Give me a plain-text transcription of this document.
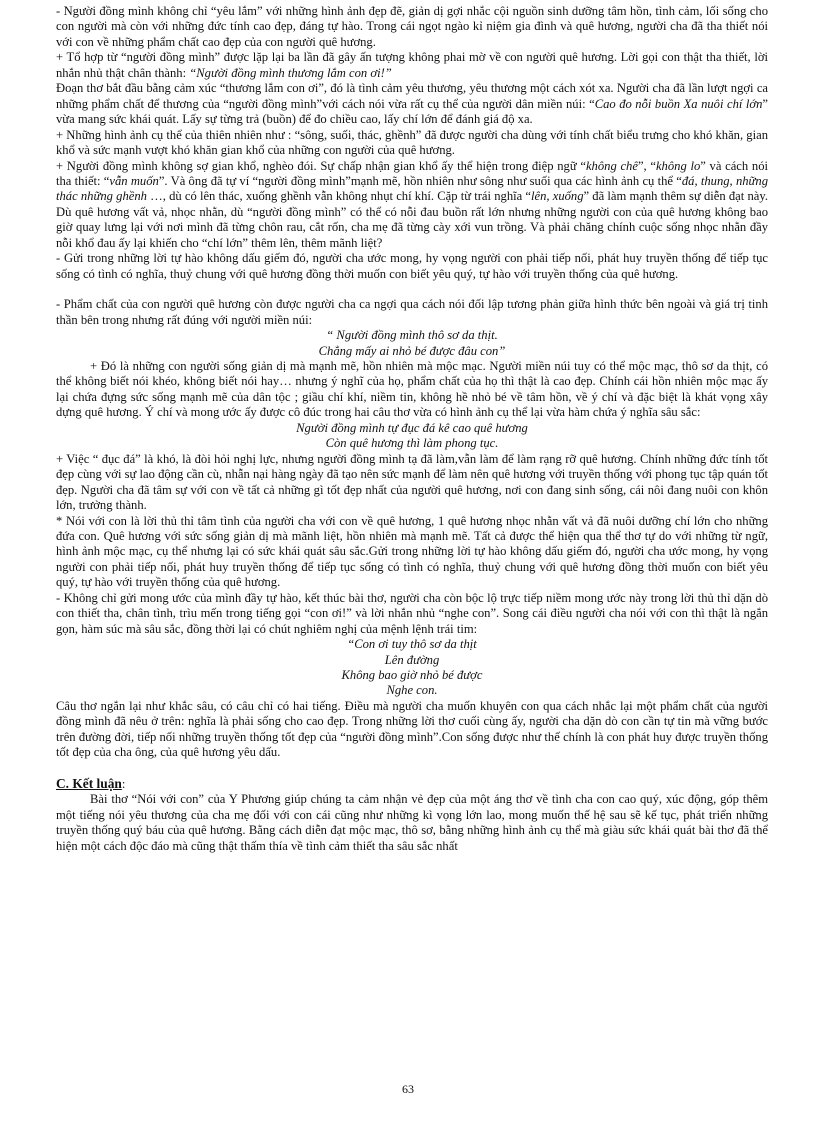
- Người đồng mình không chỉ “yêu lắm” với những hình ảnh đẹp đẽ, giản dị gợi nhắc cội nguồn sinh dưỡng tâm hồn, tình cảm, lối sống cho con người mà còn với những đức tính cao đẹp, đáng tự hào. Trong cái ngọt ngào kỉ niệm gia đình và quê hương, người cha đã tha thiết nói với con về những phẩm chất cao đẹp của con người quê hương.

+ Tổ hợp từ “người đồng mình” được lặp lại ba lần đã gây ấn tượng không phai mờ về con người quê hương. Lời gọi con thật tha thiết, lời nhắn nhủ thật chân thành: “Người đồng mình thương lắm con ơi!”

Đoạn thơ bắt đầu bằng cảm xúc “thương lắm con ơi”, đó là tình cảm yêu thương, yêu thương một cách xót xa. Người cha đã lần lượt ngợi ca những phẩm chất để thương của “người đồng mình”với cách nói vừa rất cụ thể của người dân miền núi: “Cao đo nỗi buồn Xa nuôi chí lớn” vừa mang sức khái quát. Lấy sự từng trả (buồn) để đo chiều cao, lấy chí lớn để đánh giá độ xa.

+ Những hình ảnh cụ thể của thiên nhiên như : “sông, suối, thác, ghềnh” đã được người cha dùng với tính chất biểu trưng cho khó khăn, gian khổ và sức mạnh vượt khó khăn gian khổ của những con người của quê hương.

+ Người đồng mình không sợ gian khổ, nghèo đói. Sự chấp nhận gian khổ ấy thể hiện trong điệp ngữ “không chê”, “không lo” và cách nói tha thiết: “vẫn muốn”. Và ông đã tự ví “người đồng mình”mạnh mẽ, hồn nhiên như sông như suối qua các hình ảnh cụ thể “đá, thung, những thác những ghềnh …, dù có lên thác, xuống ghềnh vẫn không nhụt chí khí. Cặp từ trái nghĩa “lên, xuống” đã làm mạnh thêm sự diễn đạt này. Dù quê hương vất vả, nhọc nhằn, dù “người đồng mình” có thể có nỗi đau buồn rất lớn nhưng những người con của quê hương không bao giờ quay lưng lại với nơi mình đã từng chôn rau, cắt rốn, cha mẹ đã từng cày xới vun trồng. Và phải chăng chính cuộc sống nhọc nhằn đầy nỗi khổ đau ấy lại khiến cho “chí lớn” thêm lên, thêm mãnh liệt?

- Gửi trong những lời tự hào không dấu giếm đó, người cha ước mong, hy vọng người con phải tiếp nối, phát huy truyền thống để tiếp tục sống có tình có nghĩa, thuỷ chung với quê hương đồng thời muốn con biết yêu quý, tự hào với truyền thống của quê hương.

- Phẩm chất của con người quê hương còn được người cha ca ngợi qua cách nói đối lập tương phản giữa hình thức bên ngoài và giá trị tinh thần bên trong nhưng rất đúng với người miền núi:

“ Người đồng mình thô sơ da thịt.

Chẳng mấy ai nhỏ bé được đâu con”

+ Đó là những con người sống giản dị mà mạnh mẽ, hồn nhiên mà mộc mạc. Người miền núi tuy có thể mộc mạc, thô sơ da thịt, có thể không biết nói khéo, không biết nói hay… nhưng ý nghĩ của họ, phẩm chất của họ thì thật là cao đẹp. Chính cái hồn nhiên mộc mạc ấy lại chứa đựng sức sống mạnh mẽ của dân tộc ; giầu chí khí, niềm tin, không hề nhỏ bé về tâm hồn, về ý chí và đặc biệt là khát vọng xây dựng quê hương. Ý chí và mong ước ấy được cô đúc trong hai câu thơ vừa có hình ảnh cụ thể lại vừa hàm chứa ý nghĩa sâu sắc:

Người đồng mình tự đục đá kê cao quê hương

Còn quê hương thì làm phong tục.

+ Việc “ đục đá” là khó, là đòi hỏi nghị lực, nhưng người đồng mình tạ đã làm,vẫn làm để làm rạng rỡ quê hương. Chính những đức tính tốt đẹp cùng với sự lao động cần cù, nhẫn nại hàng ngày đã tạo nên sức mạnh để làm nên quê hương với truyền thống với phong tục tập quán tốt đẹp. Người cha đã tâm sự với con về tất cả những gì tốt đẹp nhất của người quê hương, nơi con đang sinh sống, cái nôi đang nuôi con khôn lớn, trưởng thành.

* Nói với con là lời thủ thỉ tâm tình của người cha với con về quê hương, 1 quê hương nhọc nhằn vất vả đã nuôi dưỡng chí lớn cho những đứa con. Quê hương với sức sống giản dị mà mãnh liệt, hồn nhiên mà mạnh mẽ. Tất cả được thể hiện qua thể thơ tự do với những từ ngữ, hình ảnh mộc mạc, cụ thể nhưng lại có sức khái quát sâu sắc.Gửi trong những lời tự hào không dấu giếm đó, người cha ước mong, hy vọng người con phải tiếp nối, phát huy truyền thống để tiếp tục sống có tình có nghĩa, thuỷ chung với quê hương đồng thời muốn con biết yêu quý, tự hào với truyền thống của quê hương.

- Không chỉ gửi mong ước của mình đầy tự hào, kết thúc bài thơ, người cha còn bộc lộ trực tiếp niềm mong ước này trong lời thủ thỉ dặn dò con thiết tha, chân tình, trìu mến trong tiếng gọi “con ơi!” và lời nhắn nhủ “nghe con”. Song cái điều người cha nói với con thì thật là ngắn gọn, hàm súc mà sâu sắc, đồng thời lại có chút nghiêm nghị của mệnh lệnh trái tim:

“Con ơi tuy thô sơ da thịt

Lên đường

Không bao giờ nhỏ bé được

Nghe con.

Câu thơ ngắn lại như khắc sâu, có câu chỉ có hai tiếng. Điều mà người cha muốn khuyên con qua cách nhắc lại một phẩm chất của người đồng mình đã nêu ở trên: nghĩa là phải sống cho cao đẹp. Trong những lời thơ cuối cùng ấy, người cha dặn dò con cần tự tin mà vững bước trên đường đời, tiếp nối những truyền thống tốt đẹp của “người đồng mình”.Con sống được như thế chính là con phát huy được truyền thống tốt đẹp của cha ông, của quê hương yêu dấu.

C. Kết luận:

Bài thơ “Nói với con” của Y Phương giúp chúng ta cảm nhận vẻ đẹp của một áng thơ về tình cha con cao quý, xúc động, góp thêm một tiếng nói yêu thương của cha mẹ đối với con cái cũng như những kì vọng lớn lao, mong muốn thế hệ sau sẽ kế tục, phát triển những truyền thống quý báu của quê hương. Bằng cách diễn đạt mộc mạc, thô sơ, bằng những hình ảnh cụ thể mà giàu sức khái quát bài thơ đã thể hiện một cách độc đáo mà cũng thật thấm thía về tình cảm thiết tha sâu sắc nhất

63
